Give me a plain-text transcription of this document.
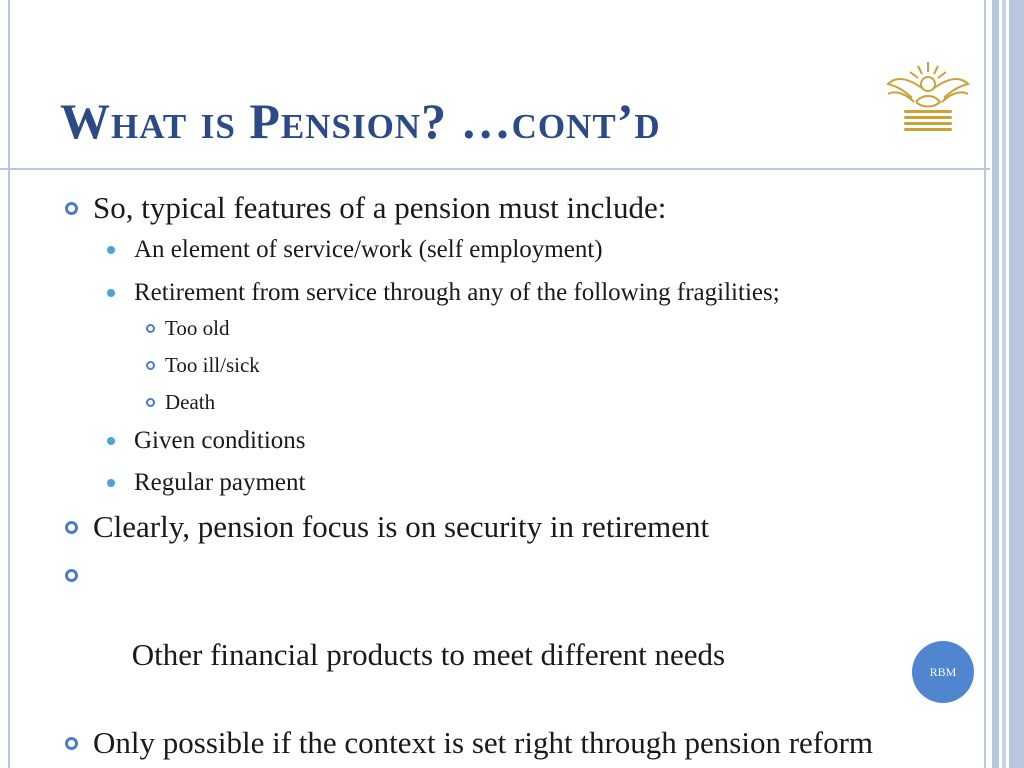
What is Pension? …cont’d
So, typical features of a pension must include:
An element of service/work (self employment)
Retirement from service through any of the following fragilities;
Too old
Too ill/sick
Death
Given conditions
Regular payment
Clearly, pension focus is on security in retirement

Other financial products to meet different needs

Only possible if the context is set right through pension reform
RBM
